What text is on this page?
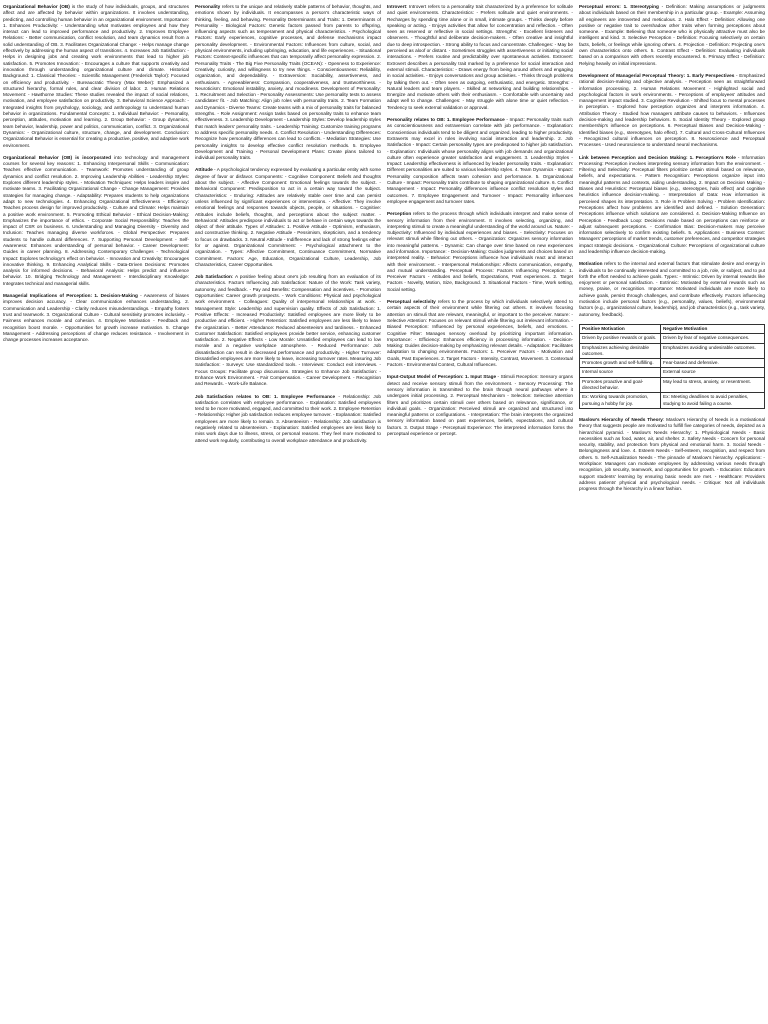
Organizational Behavior (OB) is the study of how individuals, groups, and structures affect and are affected by behavior within organizations. It involves understanding, predicting, and controlling human behavior in an organizational environment. Importance: 1. Enhances Productivity: - Understanding what motivates employees and how they interact can lead to improved performance and productivity. 2. Improves Employee Relations: - Better communication, conflict resolution, and team dynamics result from a solid understanding of OB. 3. Facilitates Organizational Change: - Helps manage change effectively by addressing the human aspect of transitions. 4. Increases Job Satisfaction: - Helps in designing jobs and creating work environments that lead to higher job satisfaction. 5. Promotes Innovation: - Encourages a culture that supports creativity and innovation through understanding organizational culture and climate. Historical Background: 1. Classical Theories: - Scientific Management (Frederick Taylor): Focused on efficiency and productivity. - Bureaucratic Theory (Max Weber): Emphasized a structured hierarchy, formal rules, and clear division of labor. 2. Human Relations Movement: - Hawthorne Studies: These studies revealed the impact of social relations, motivation, and employee satisfaction on productivity. 3. Behavioral Science Approach: - Integrated insights from psychology, sociology, and anthropology to understand human behavior in organizations. Fundamental Concepts: 1. Individual Behavior: - Personality, perception, attitudes, motivation and learning. 2. Group Behavior: - Group dynamics, team behavior, leadership, power and politics, communication, conflict. 3. Organizational Dynamics: - Organizational culture, structure, change, and development. Conclusion: Organizational Behavior is essential for creating a productive, positive, and adaptive work environment.

Organizational Behavior (OB) is incorporated into technology and management courses for several key reasons: 1. Enhancing Interpersonal Skills - Communication: Teaches effective communication. - Teamwork: Promotes understanding of group dynamics and conflict resolution. 2. Improving Leadership Abilities - Leadership Styles: Explores different leadership styles. - Motivation Techniques: Helps leaders inspire and motivate teams. 3. Facilitating Organizational Change - Change Management: Provides strategies for managing change. - Adaptability: Prepares students to help organizations adapt to new technologies. 4. Enhancing Organizational Effectiveness - Efficiency: Teaches process design for improved productivity. - Culture and Climate: Helps maintain a positive work environment. 5. Promoting Ethical Behavior - Ethical Decision-Making: Emphasizes the importance of ethics. - Corporate Social Responsibility: Teaches the impact of CSR on business. 6. Understanding and Managing Diversity - Diversity and Inclusion: Teaches managing diverse workforces. - Global Perspective: Prepares students to handle cultural differences. 7. Supporting Personal Development - Self-Awareness: Enhances understanding of personal behavior. - Career Development: Guides in career planning. 8. Addressing Contemporary Challenges - Technological Impact: Explores technology's effect on behavior. - Innovation and Creativity: Encourages innovative thinking. 9. Enhancing Analytical Skills - Data-Driven Decisions: Promotes analysis for informed decisions. - Behavioral Analysis: Helps predict and influence behavior. 10. Bridging Technology and Management - Interdisciplinary Knowledge: Integrates technical and managerial skills.

Managerial Implications of Perception: 1. Decision-Making - Awareness of biases improves decision accuracy. - Clear communication enhances understanding. 2. Communication and Leadership - Clarity reduces misunderstandings. - Empathy fosters trust and teamwork. 3. Organizational Culture - Cultural sensitivity promotes inclusivity. - Fairness enhances morale and cohesion. 4. Employee Motivation - Feedback and recognition boost morale. - Opportunities for growth increase motivation. 5. Change Management - Addressing perceptions of change reduces resistance. - Involvement in change processes increases acceptance.

Personality refers to the unique and relatively stable patterns of behavior, thoughts, and emotions shown by individuals. It encompasses a person's characteristic ways of thinking, feeling, and behaving. Personality Determinants and Traits: 1. Determinants of Personality - Biological Factors: Genetic factors passed from parents to offspring, influencing aspects such as temperament and physical characteristics. - Psychological Factors: Early experiences, cognitive processes, and defense mechanisms impact personality development. - Environmental Factors: Influences from culture, social, and physical environments, including upbringing, education, and life experiences. - Situational Factors: Context-specific influences that can temporarily affect personality expression. 2. Personality Traits - The Big Five Personality Traits (OCEAN): - Openness to Experience: Creativity, curiosity, and willingness to try new things. - Conscientiousness: Reliability, organization, and dependability. - Extraversion: Sociability, assertiveness, and enthusiasm. - Agreeableness: Compassion, cooperativeness, and trustworthiness. - Neuroticism: Emotional instability, anxiety, and moodiness. Development of Personality: 1. Recruitment and Selection - Personality Assessments: Use personality tests to assess candidates' fit. - Job Matching: Align job roles with personality traits. 2. Team Formation and Dynamics - Diverse Teams: Create teams with a mix of personality traits for balanced strengths. - Role Assignment: Assign tasks based on personality traits to enhance team effectiveness. 3. Leadership Development - Leadership Styles: Develop leadership styles that match leaders' personality traits. - Leadership Training: Customize training programs to address specific personality needs. 4. Conflict Resolution - Understanding Differences: Recognize how personality differences can lead to conflicts. - Mediation Strategies: Use personality insights to develop effective conflict resolution methods. 5. Employee Development and Training - Personal Development Plans: Create plans tailored to individual personality traits.

Attitude - A psychological tendency expressed by evaluating a particular entity with some degree of favor or disfavor. Components: - Cognitive Component: Beliefs and thoughts about the subject. - Affective Component: Emotional feelings towards the subject. - Behavioral Component: Predisposition to act in a certain way toward the subject. Characteristics: - Enduring: Attitudes are relatively stable over time and can persist unless influenced by significant experiences or interventions. - Affective: They involve emotional feelings and responses towards objects, people, or situations. - Cognitive: Attitudes include beliefs, thoughts, and perceptions about the subject matter. - Behavioral: Attitudes predispose individuals to act or behave in certain ways towards the object of their attitude. Types of Attitudes: 1. Positive Attitude - Optimism, enthusiasm, and constructive thinking. 2. Negative Attitude - Pessimism, skepticism, and a tendency to focus on drawbacks. 3. Neutral Attitude - Indifference and lack of strong feelings either for or against. Organizational Commitment: - Psychological attachment to the organization. - Types: Affective Commitment, Continuance Commitment, Normative Commitment. Factors: Age, Education, Organizational Culture, Leadership, Job Characteristics, Career Opportunities.

Job Satisfaction: A positive feeling about one's job resulting from an evaluation of its characteristics. Factors Influencing Job Satisfaction: Nature of the Work: Task variety, autonomy, and feedback. - Pay and Benefits: Compensation and incentives. - Promotion Opportunities: Career growth prospects. - Work Conditions: Physical and psychological work environment. - Colleagues: Quality of interpersonal relationships at work. - Management Style: Leadership and supervision quality. Effects of Job Satisfaction: 1. Positive Effects: - Increased Productivity: Satisfied employees are more likely to be productive and efficient. - Higher Retention: Satisfied employees are less likely to leave the organization. - Better Attendance: Reduced absenteeism and tardiness. - Enhanced Customer Satisfaction: Satisfied employees provide better service, enhancing customer satisfaction. 2. Negative Effects - Low Morale: Unsatisfied employees can lead to low morale and a negative workplace atmosphere. - Reduced Performance: Job dissatisfaction can result in decreased performance and productivity. - Higher Turnover: Dissatisfied employees are more likely to leave, increasing turnover rates. Measuring Job Satisfaction: - Surveys: Use standardized tools. - Interviews: Conduct exit interviews. - Focus Groups: Facilitate group discussions. Strategies to Enhance Job Satisfaction: - Enhance Work Environment. - Fair Compensation. - Career Development. - Recognition and Rewards. - Work-Life Balance.

Job Satisfaction relates to OB: 1. Employee Performance - Relationship: Job satisfaction correlates with employee performance. - Explanation: Satisfied employees tend to be more motivated, engaged, and committed to their work. 2. Employee Retention - Relationship: Higher job satisfaction reduces employee turnover. - Explanation: Satisfied employees are more likely to remain. 3. Absenteeism - Relationship: Job satisfaction is negatively related to absenteeism. - Explanation: Satisfied employees are less likely to miss work days due to illness, stress, or personal reasons. They feel more motivated to attend work regularly, contributing to overall workplace attendance and productivity.

Introvert: Introvert refers to a personality trait characterized by a preference for solitude and quiet environments. Characteristics: - Prefers solitude and quiet environments. - Recharges by spending time alone or in small, intimate groups. - Thinks deeply before speaking or acting. - Enjoys activities that allow for concentration and reflection. - Often seen as reserved or reflective in social settings. Strengths: - Excellent listeners and observers. - Thoughtful and deliberate decision-makers. - Often creative and insightful due to deep introspection. - Strong ability to focus and concentrate. Challenges: - May be perceived as aloof or distant. - Sometimes struggles with assertiveness or initiating social interactions. - Prefers routine and predictability over spontaneous activities. Extrovert: Extrovert describes a personality trait marked by a preference for social interaction and external stimuli. Characteristics: - Draws energy from being around others and engaging in social activities. - Enjoys conversations and group activities. - Thinks through problems by talking them out. - Often seen as outgoing, enthusiastic, and energetic. Strengths: - Natural leaders and team players. - Skilled at networking and building relationships. - Energize and motivate others with their enthusiasm. - Comfortable with uncertainty and adapt well to change. Challenges: - May struggle with alone time or quiet reflection. - Tendency to seek external validation or approval.

Personality relates to OB: 1. Employee Performance - Impact: Personality traits such as conscientiousness and extraversion correlate with job performance. - Explanation: Conscientious individuals tend to be diligent and organized, leading to higher productivity. Extraverts may excel in roles involving social interaction and leadership. 2. Job Satisfaction - Impact: Certain personality types are predisposed to higher job satisfaction. - Explanation: Individuals whose personality aligns with job demands and organizational culture often experience greater satisfaction and engagement. 3. Leadership Styles - Impact: Leadership effectiveness is influenced by leader personality traits. - Explanation: Different personalities are suited to various leadership styles. 4. Team Dynamics - Impact: Personality composition affects team cohesion and performance. 5. Organizational Culture - Impact: Personality traits contribute to shaping organizational culture. 6. Conflict Management - Impact: Personality differences influence conflict resolution styles and outcomes. 7. Employee Engagement and Turnover - Impact: Personality influences employee engagement and turnover rates.

Perception refers to the process through which individuals interpret and make sense of sensory information from their environment. It involves selecting, organizing, and interpreting stimuli to create a meaningful understanding of the world around us. Nature: - Subjectivity: Influenced by individual experiences and biases. - Selectivity: Focuses on relevant stimuli while filtering out others. - Organization: Organizes sensory information into meaningful patterns. - Dynamic: Can change over time based on new experiences and information. Importance: - Decision-Making: Guides judgments and choices based on interpreted reality. - Behavior: Perceptions influence how individuals react and interact with their environment. - Interpersonal Relationships: Affects communication, empathy, and mutual understanding. Perceptual Process: Factors Influencing Perception: 1. Perceiver Factors - Attitudes and beliefs, Expectations, Past experiences. 2. Target Factors - Novelty, Motion, Size, Background. 3. Situational Factors - Time, Work setting, Social setting.

Perceptual selectivity refers to the process by which individuals selectively attend to certain aspects of their environment while filtering out others. It involves focusing attention on stimuli that are relevant, meaningful, or important to the perceiver. Nature: - Selective Attention: Focuses on relevant stimuli while filtering out irrelevant information. - Biased Perception: Influenced by personal experiences, beliefs, and emotions. - Cognitive Filter: Manages sensory overload by prioritizing important information. Importance: - Efficiency: Enhances efficiency in processing information. - Decision-Making: Guides decision-making by emphasizing relevant details. - Adaptation: Facilitates adaptation to changing environments. Factors: 1. Perceiver Factors - Motivation and Goals, Past Experiences. 2. Target Factors - Intensity, Contrast, Movement. 3. Contextual Factors - Environmental Context, Cultural Influences.

Input-Output Model of Perception: 1. Input Stage - Stimuli Reception: Sensory organs detect and receive sensory stimuli from the environment. - Sensory Processing: The sensory information is transmitted to the brain through neural pathways where it undergoes initial processing. 2. Perceptual Mechanism - Selection: Selective attention filters and prioritizes certain stimuli over others based on relevance, significance, or individual goals. - Organization: Perceived stimuli are organized and structured into meaningful patterns or configurations. - Interpretation: The brain interprets the organized sensory information based on past experiences, beliefs, expectations, and cultural factors. 3. Output Stage - Perceptual Experience: The interpreted information forms the perceptual experience or percept.

Perceptual errors: 1. Stereotyping - Definition: Making assumptions or judgments about individuals based on their membership in a particular group. - Example: Assuming all engineers are introverted and meticulous. 2. Halo Effect - Definition: Allowing one positive or negative trait to overshadow other traits when forming perceptions about someone. - Example: Believing that someone who is physically attractive must also be intelligent and kind. 3. Selective Perception - Definition: Focusing selectively on certain facts, beliefs, or feelings while ignoring others. 4. Projection - Definition: Projecting one's own characteristics onto others. 5. Contrast Effect - Definition: Evaluating individuals based on a comparison with others recently encountered. 6. Primacy Effect - Definition: Relying heavily on initial impressions.

Development of Managerial Perceptual Theory: 1. Early Perspectives - Emphasized rational decision-making and objective analysis. - Perception seen as straightforward information processing. 2. Human Relations Movement - Highlighted social and psychological factors in work environments. - Perceptions of employees' attitudes and management impact studied. 3. Cognitive Revolution - Shifted focus to mental processes in perception. - Explored how perception organizes and interprets information. 4. Attribution Theory - Studied how managers attribute causes to behaviors. - Influences decision-making and leadership behaviors. 5. Social Identity Theory - Explored group membership's influence on perceptions. 6. Perceptual Biases and Decision-Making - Identified biases (e.g., stereotypes, halo effect). 7. Cultural and Cross-Cultural Influences - Recognized cultural influences on perception. 8. Neuroscience and Perceptual Processes - Used neuroscience to understand neural mechanisms.

Link between Perception and Decision Making: 1. Perception's Role - Information Processing: Perception involves interpreting sensory information from the environment. - Filtering and Selectivity: Perceptual filters prioritize certain stimuli based on relevance, beliefs, and expectations. - Pattern Recognition: Perceptions organize input into meaningful patterns and contexts, aiding understanding. 2. Impact on Decision Making - Biases and Heuristics: Perceptual biases (e.g., stereotypes, halo effect) and cognitive heuristics influence decision-making. - Interpretation of Data: How information is perceived shapes its interpretation. 3. Role in Problem Solving - Problem Identification: Perceptions affect how problems are identified and defined. - Solution Generation: Perceptions influence which solutions are considered. 4. Decision-Making Influence on Perception - Feedback Loop: Decisions made based on perceptions can reinforce or adjust subsequent perceptions. - Confirmation Bias: Decision-makers may perceive information selectively to confirm existing beliefs. 5. Applications - Business Context: Managers' perceptions of market trends, customer preferences, and competitor strategies impact strategic decisions. - Organizational Culture: Perceptions of organizational culture and leadership influence decision-making.

Motivation refers to the internal and external factors that stimulate desire and energy in individuals to be continually interested and committed to a job, role, or subject, and to put forth the effort needed to achieve goals. Types: - Intrinsic: Driven by internal rewards like enjoyment or personal satisfaction. - Extrinsic: Motivated by external rewards such as money, praise, or recognition. Importance: Motivated individuals are more likely to achieve goals, persist through challenges, and contribute effectively. Factors influencing motivation include personal factors (e.g., personality, values, beliefs), environmental factors (e.g., organizational culture, leadership), and job characteristics (e.g., task variety, autonomy, feedback).

Positive Motivation	Negative Motivation
Driven by positive rewards or goals.	Driven by fear of negative consequences.
Emphasizes achieving desirable outcomes.	Emphasizes avoiding undesirable outcomes.
Promotes growth and self-fulfilling.	Fear-based and defensive.
Internal source	External source
Promotes proactive and goal-directed behavior.	May lead to stress, anxiety, or resentment.
Ex: Working towards promotion, pursuing a hobby for joy.	Ex: Meeting deadlines to avoid penalties, studying to avoid failing a course.

Maslow's Hierarchy of Needs Theory: Maslow's Hierarchy of Needs is a motivational theory that suggests people are motivated to fulfill five categories of needs, depicted as a hierarchical pyramid. - Maslow's Needs Hierarchy: 1. Physiological Needs - Basic necessities such as food, water, air, and shelter. 2. Safety Needs - Concern for personal security, stability, and protection from physical and emotional harm. 3. Social Needs - Belongingness and love. 4. Esteem Needs - Self-esteem, recognition, and respect from others. 5. Self-Actualization Needs - The pinnacle of Maslow's hierarchy. Applications: - Workplace: Managers can motivate employees by addressing various needs through recognition, job security, teamwork, and opportunities for growth. - Education: Educators support students' learning by ensuring basic needs are met. - Healthcare: Providers address patients' physical and psychological needs. - Critique: Not all individuals progress through the hierarchy in a linear fashion.
